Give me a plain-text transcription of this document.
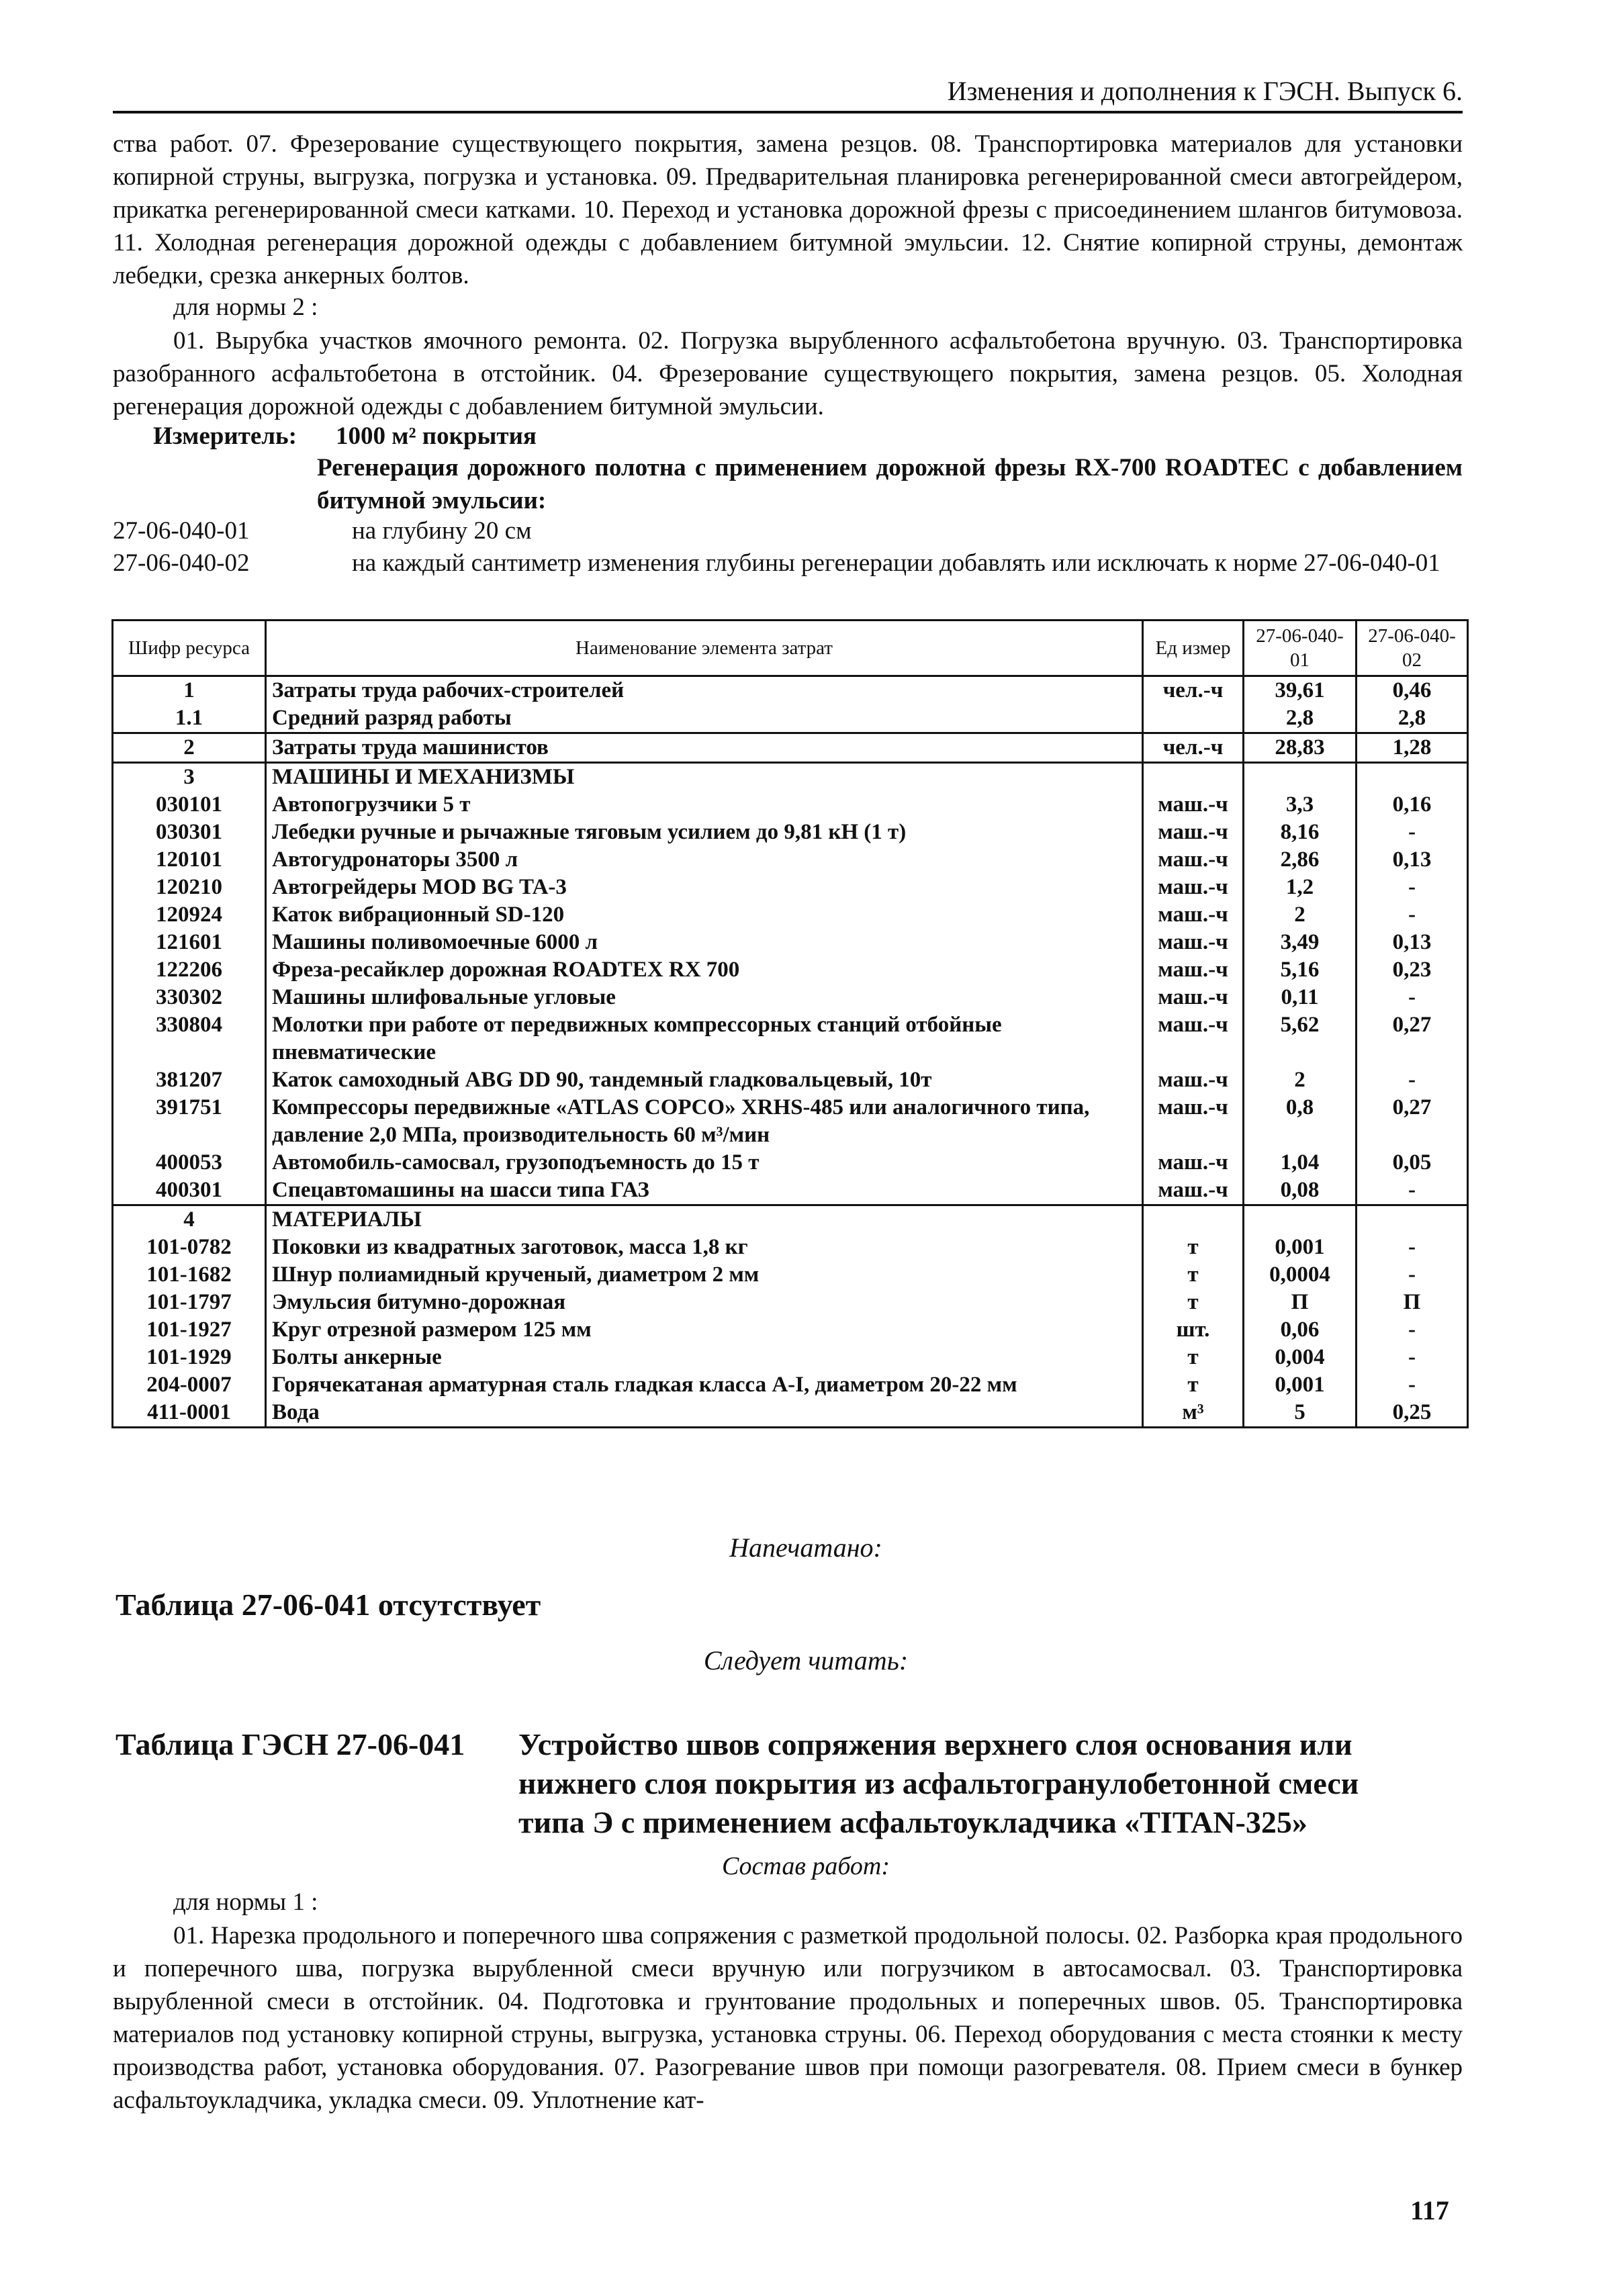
Изменения и дополнения к ГЭСН. Выпуск 6.
ства работ. 07. Фрезерование существующего покрытия, замена резцов. 08. Транспортировка материалов для установки копирной струны, выгрузка, погрузка и установка. 09. Предварительная планировка регенерированной смеси автогрейдером, прикатка регенерированной смеси катками. 10. Переход и установка дорожной фрезы с присоединением шлангов битумовоза. 11. Холодная регенерация дорожной одежды с добавлением битумной эмульсии. 12. Снятие копирной струны, демонтаж лебедки, срезка анкерных болтов.
для нормы 2 :
01. Вырубка участков ямочного ремонта. 02. Погрузка вырубленного асфальтобетона вручную. 03. Транспортировка разобранного асфальтобетона в отстойник. 04. Фрезерование существующего покрытия, замена резцов. 05. Холодная регенерация дорожной одежды с добавлением битумной эмульсии.
Измеритель:	1000 м² покрытия
Регенерация дорожного полотна с применением дорожной фрезы RX-700 ROADTEC с добавлением битумной эмульсии:
27-06-040-01	на глубину 20 см
27-06-040-02	на каждый сантиметр изменения глубины регенерации добавлять или исключать к норме 27-06-040-01
Шифр ресурса	Наименование элемента затрат	Ед измер	27-06-040-01	27-06-040-02
1	Затраты труда рабочих-строителей	чел.-ч	39,61	0,46
1.1	Средний разряд работы		2,8	2,8
2	Затраты труда машинистов	чел.-ч	28,83	1,28
3	МАШИНЫ И МЕХАНИЗМЫ			
030101	Автопогрузчики 5 т	маш.-ч	3,3	0,16
030301	Лебедки ручные и рычажные тяговым усилием до 9,81 кН (1 т)	маш.-ч	8,16	-
120101	Автогудронаторы 3500 л	маш.-ч	2,86	0,13
120210	Автогрейдеры MOD BG TA-3	маш.-ч	1,2	-
120924	Каток вибрационный SD-120	маш.-ч	2	-
121601	Машины поливомоечные 6000 л	маш.-ч	3,49	0,13
122206	Фреза-ресайклер дорожная ROADTEX RX 700	маш.-ч	5,16	0,23
330302	Машины шлифовальные угловые	маш.-ч	0,11	-
330804	Молотки при работе от передвижных компрессорных станций отбойные пневматические	маш.-ч	5,62	0,27
381207	Каток самоходный ABG DD 90, тандемный гладковальцевый, 10т	маш.-ч	2	-
391751	Компрессоры передвижные «ATLAS COPCO» XRHS-485 или аналогичного типа, давление 2,0 МПа, производительность 60 м³/мин	маш.-ч	0,8	0,27
400053	Автомобиль-самосвал, грузоподъемность до 15 т	маш.-ч	1,04	0,05
400301	Спецавтомашины на шасси типа ГАЗ	маш.-ч	0,08	-
4	МАТЕРИАЛЫ			
101-0782	Поковки из квадратных заготовок, масса 1,8 кг	т	0,001	-
101-1682	Шнур полиамидный крученый, диаметром 2 мм	т	0,0004	-
101-1797	Эмульсия битумно-дорожная	т	П	П
101-1927	Круг отрезной размером 125 мм	шт.	0,06	-
101-1929	Болты анкерные	т	0,004	-
204-0007	Горячекатаная арматурная сталь гладкая класса А-I, диаметром 20-22 мм	т	0,001	-
411-0001	Вода	м³	5	0,25
Напечатано:
Таблица 27-06-041 отсутствует
Следует читать:
Таблица ГЭСН 27-06-041	Устройство швов сопряжения верхнего слоя основания или
нижнего слоя покрытия из асфальтогранулобетонной смеси
типа Э с применением асфальтоукладчика «TITAN-325»
Состав работ:
для нормы 1 :
01. Нарезка продольного и поперечного шва сопряжения с разметкой продольной полосы. 02. Разборка края продольного и поперечного шва, погрузка вырубленной смеси вручную или погрузчиком в автосамосвал. 03. Транспортировка вырубленной смеси в отстойник. 04. Подготовка и грунтование продольных и поперечных швов. 05. Транспортировка материалов под установку копирной струны, выгрузка, установка струны. 06. Переход оборудования с места стоянки к месту производства работ, установка оборудования. 07. Разогревание швов при помощи разогревателя. 08. Прием смеси в бункер асфальтоукладчика, укладка смеси. 09. Уплотнение кат-
117
